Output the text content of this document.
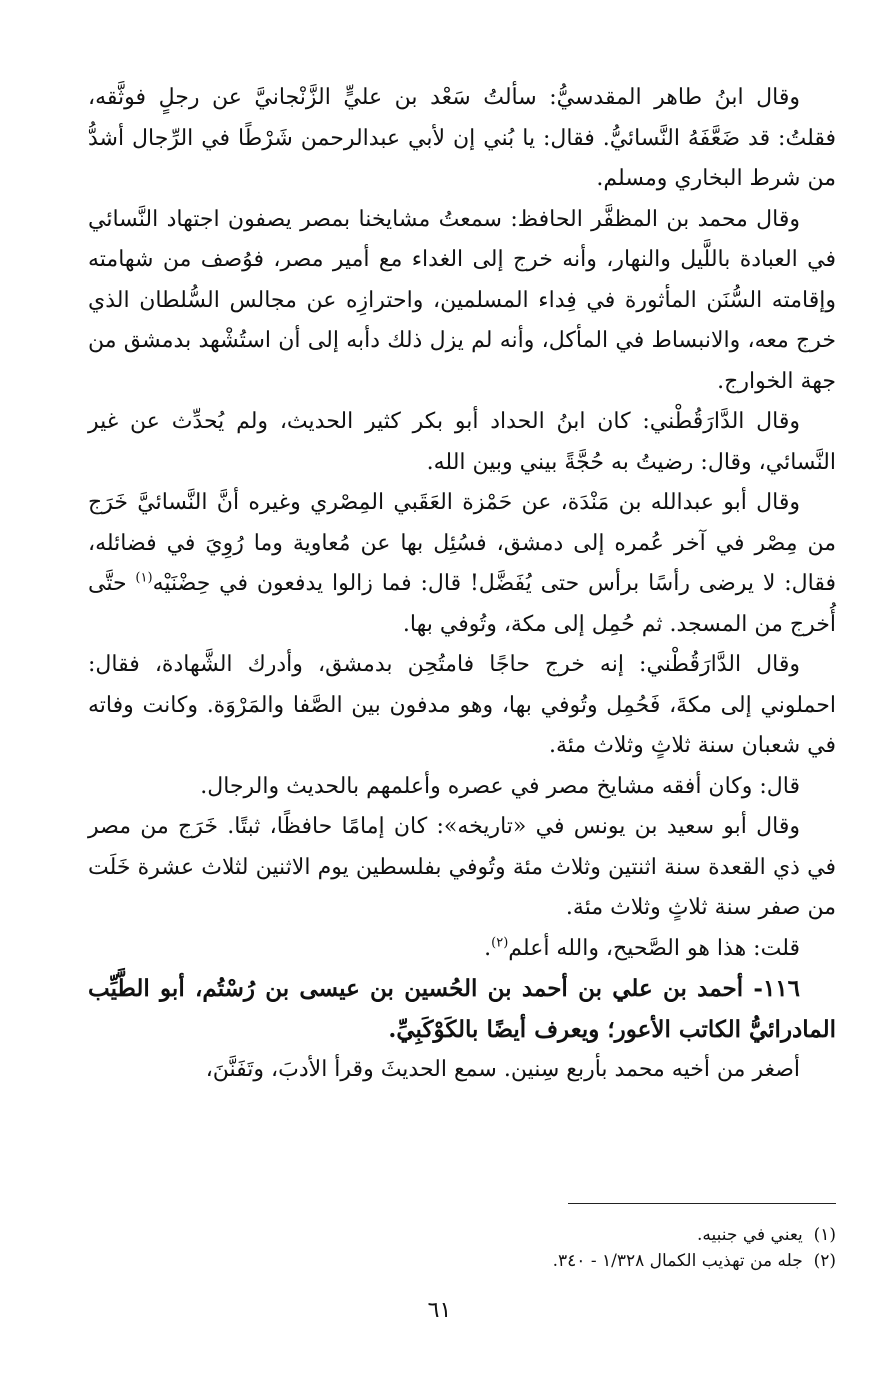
وقال ابنُ طاهر المقدسيُّ: سألتُ سَعْد بن عليٍّ الزَّنْجانيَّ عن رجلٍ فوثَّقه، فقلتُ: قد ضَعَّفَهُ النَّسائيُّ. فقال: يا بُني إن لأبي عبدالرحمن شَرْطًا في الرِّجال أشدُّ من شرط البخاري ومسلم.

وقال محمد بن المظفَّر الحافظ: سمعتُ مشايخنا بمصر يصفون اجتهاد النَّسائي في العبادة باللَّيل والنهار، وأنه خرج إلى الغداء مع أمير مصر، فوُصف من شهامته وإقامته السُّنَن المأثورة في فِداء المسلمين، واحترازِه عن مجالس السُّلطان الذي خرج معه، والانبساط في المأكل، وأنه لم يزل ذلك دأبه إلى أن استُشْهد بدمشق من جهة الخوارج.

وقال الدَّارَقُطْني: كان ابنُ الحداد أبو بكر كثير الحديث، ولم يُحدِّث عن غير النَّسائي، وقال: رضيتُ به حُجَّةً بيني وبين الله.

وقال أبو عبدالله بن مَنْدَة، عن حَمْزة العَقَبي المِصْري وغيره أنَّ النَّسائيَّ خَرَج من مِصْر في آخر عُمره إلى دمشق، فسُئِل بها عن مُعاوية وما رُوِيَ في فضائله، فقال: لا يرضى رأسًا برأس حتى يُفَضَّل! قال: فما زالوا يدفعون في حِضْنَيْه$^{(١)}$ حتَّى أُخرج من المسجد. ثم حُمِل إلى مكة، وتُوفي بها.

وقال الدَّارَقُطْني: إنه خرج حاجًا فامتُحِن بدمشق، وأدرك الشَّهادة، فقال: احملوني إلى مكةَ، فَحُمِل وتُوفي بها، وهو مدفون بين الصَّفا والمَرْوَة. وكانت وفاته في شعبان سنة ثلاثٍ وثلاث مئة.

قال: وكان أفقه مشايخ مصر في عصره وأعلمهم بالحديث والرجال.

وقال أبو سعيد بن يونس في «تاريخه»: كان إمامًا حافظًا، ثبتًا. خَرَج من مصر في ذي القعدة سنة اثنتين وثلاث مئة وتُوفي بفلسطين يوم الاثنين لثلاث عشرة خَلَت من صفر سنة ثلاثٍ وثلاث مئة.

قلت: هذا هو الصَّحيح، والله أعلم$^{(٢)}$.

١١٦- أحمد بن علي بن أحمد بن الحُسين بن عيسى بن رُسْتُم، أبو الطَّيِّب المادرائيُّ الكاتب الأعور؛ ويعرف أيضًا بالكَوْكَبِيِّ.

أصغر من أخيه محمد بأربع سِنين. سمع الحديثَ وقرأ الأدبَ، وتَفَنَّنَ،

(١)  يعني في جنبيه.

(٢)  جله من تهذيب الكمال ١/٣٢٨ - ٣٤٠.

٦١
